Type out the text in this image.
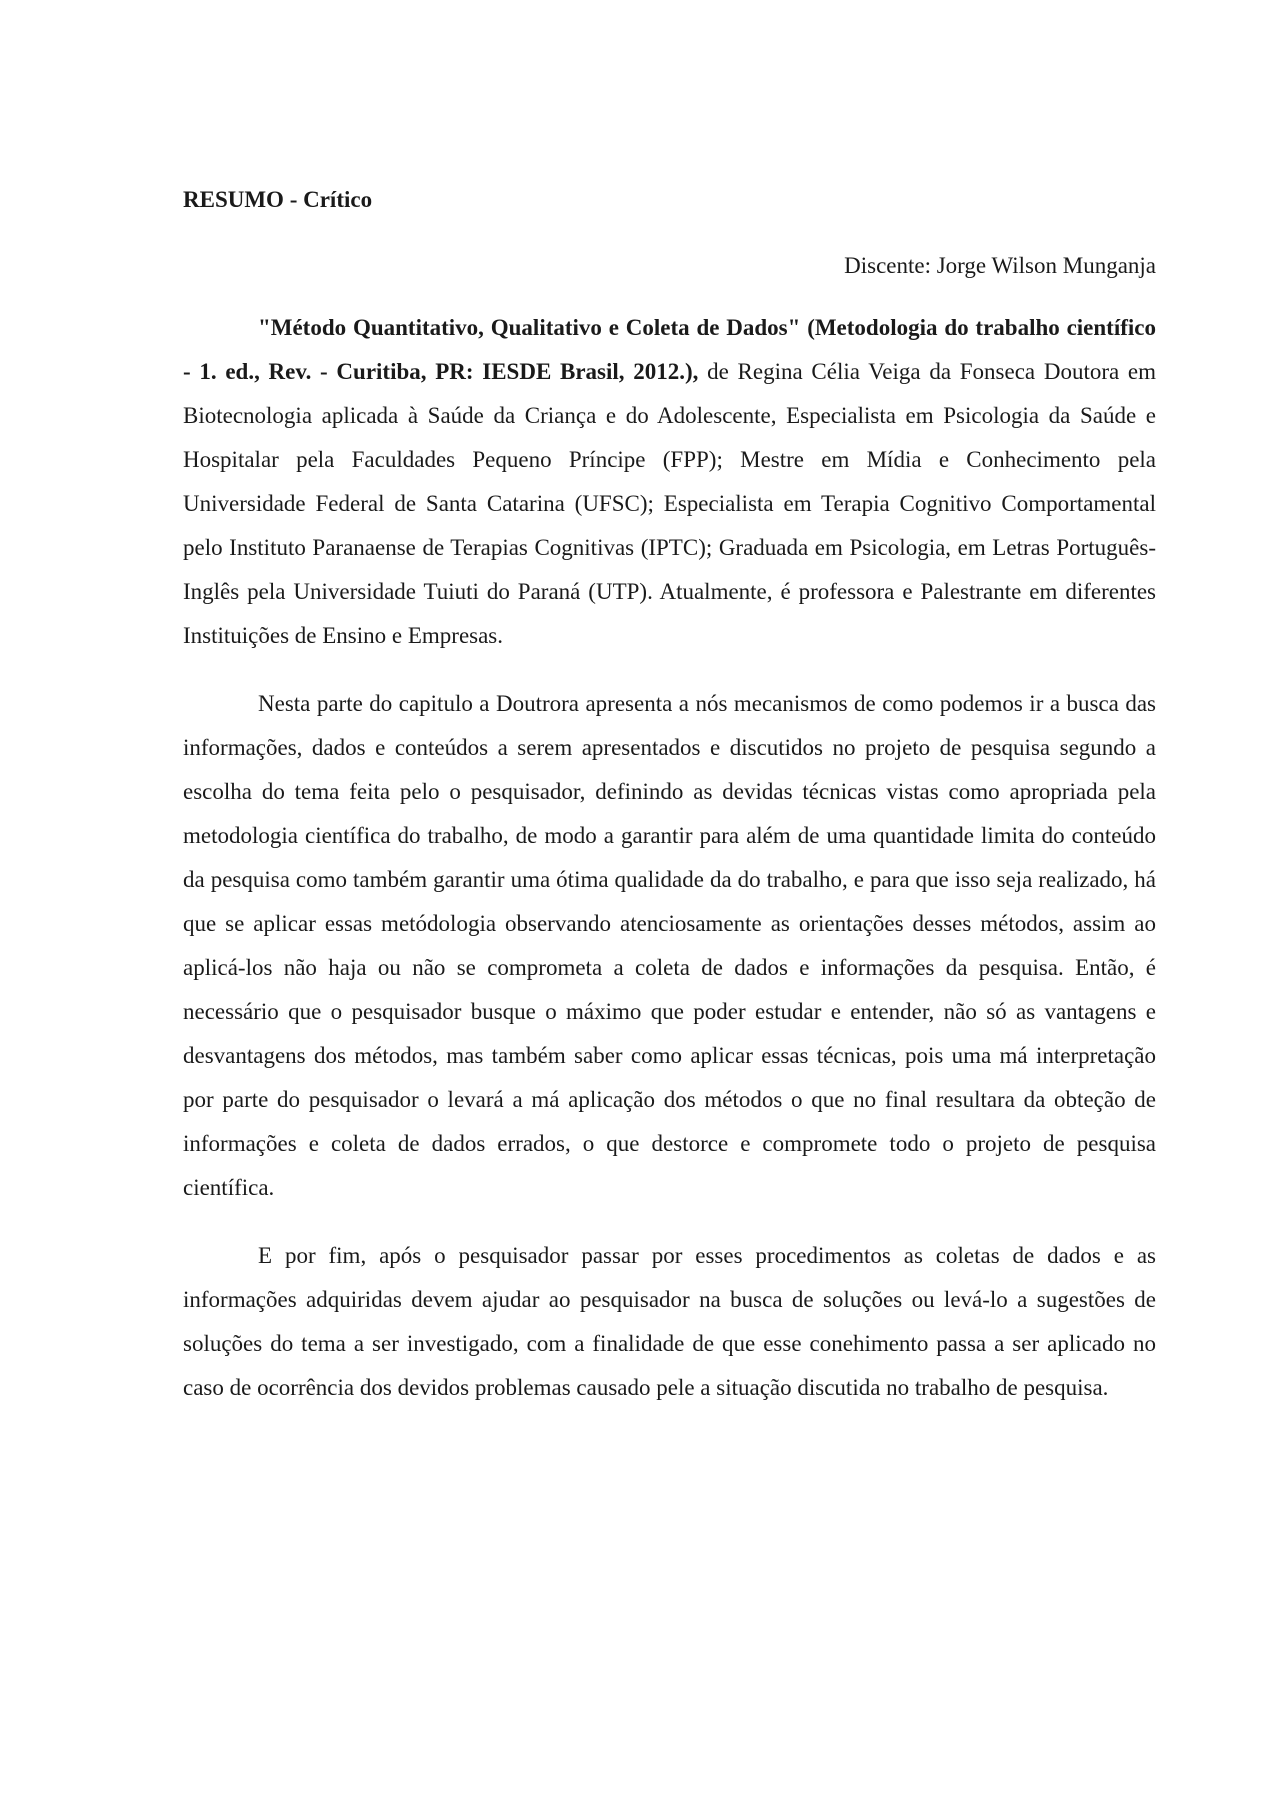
RESUMO - Crítico

Discente: Jorge Wilson Munganja

"Método Quantitativo, Qualitativo e Coleta de Dados" (Metodologia do trabalho científico - 1. ed., Rev. - Curitiba, PR: IESDE Brasil, 2012.), de Regina Célia Veiga da Fonseca Doutora em Biotecnologia aplicada à Saúde da Criança e do Adolescente, Especialista em Psicologia da Saúde e Hospitalar pela Faculdades Pequeno Príncipe (FPP); Mestre em Mídia e Conhecimento pela Universidade Federal de Santa Catarina (UFSC); Especialista em Terapia Cognitivo Comportamental pelo Instituto Paranaense de Terapias Cognitivas (IPTC); Graduada em Psicologia, em Letras Português-Inglês pela Universidade Tuiuti do Paraná (UTP). Atualmente, é professora e Palestrante em diferentes Instituições de Ensino e Empresas.

Nesta parte do capitulo a Doutrora apresenta a nós mecanismos de como podemos ir a busca das informações, dados e conteúdos a serem apresentados e discutidos no projeto de pesquisa segundo a escolha do tema feita pelo o pesquisador, definindo as devidas técnicas vistas como apropriada pela metodologia científica do trabalho, de modo a garantir para além de uma quantidade limita do conteúdo da pesquisa como também garantir uma ótima qualidade da do trabalho, e para que isso seja realizado, há que se aplicar essas metódologia observando atenciosamente as orientações desses métodos, assim ao aplicá-los não haja ou não se comprometa a coleta de dados e informações da pesquisa. Então, é necessário que o pesquisador busque o máximo que poder estudar e entender, não só as vantagens e desvantagens dos métodos, mas também saber como aplicar essas técnicas, pois uma má interpretação por parte do pesquisador o levará a má aplicação dos métodos o que no final resultara da obteção de informações e coleta de dados errados, o que destorce e compromete todo o projeto de pesquisa científica.

E por fim, após o pesquisador passar por esses procedimentos as coletas de dados e as informações adquiridas devem ajudar ao pesquisador na busca de soluções ou levá-lo a sugestões de soluções do tema a ser investigado, com a finalidade de que esse conehimento passa a ser aplicado no caso de ocorrência dos devidos problemas causado pele a situação discutida no trabalho de pesquisa.
